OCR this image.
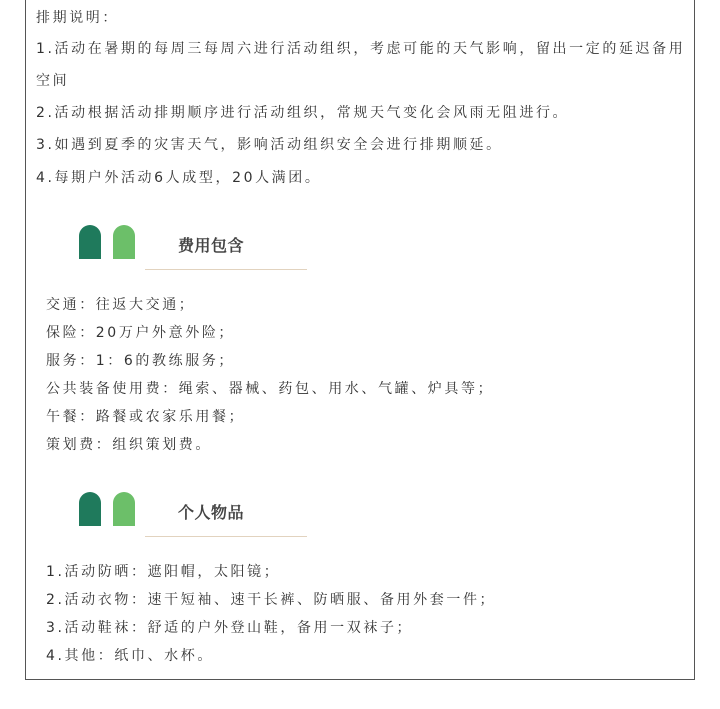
排期说明：
1.活动在暑期的每周三每周六进行活动组织，考虑可能的天气影响，留出一定的延迟备用空间
2.活动根据活动排期顺序进行活动组织，常规天气变化会风雨无阻进行。
3.如遇到夏季的灾害天气，影响活动组织安全会进行排期顺延。
4.每期户外活动6人成型，20人满团。
费用包含
交通：往返大交通；
保险：20万户外意外险；
服务：1：6的教练服务；
公共装备使用费：绳索、器械、药包、用水、气罐、炉具等；
午餐：路餐或农家乐用餐；
策划费：组织策划费。
个人物品
1.活动防晒：遮阳帽，太阳镜；
2.活动衣物：速干短袖、速干长裤、防晒服、备用外套一件；
3.活动鞋袜：舒适的户外登山鞋，备用一双袜子；
4.其他：纸巾、水杯。
